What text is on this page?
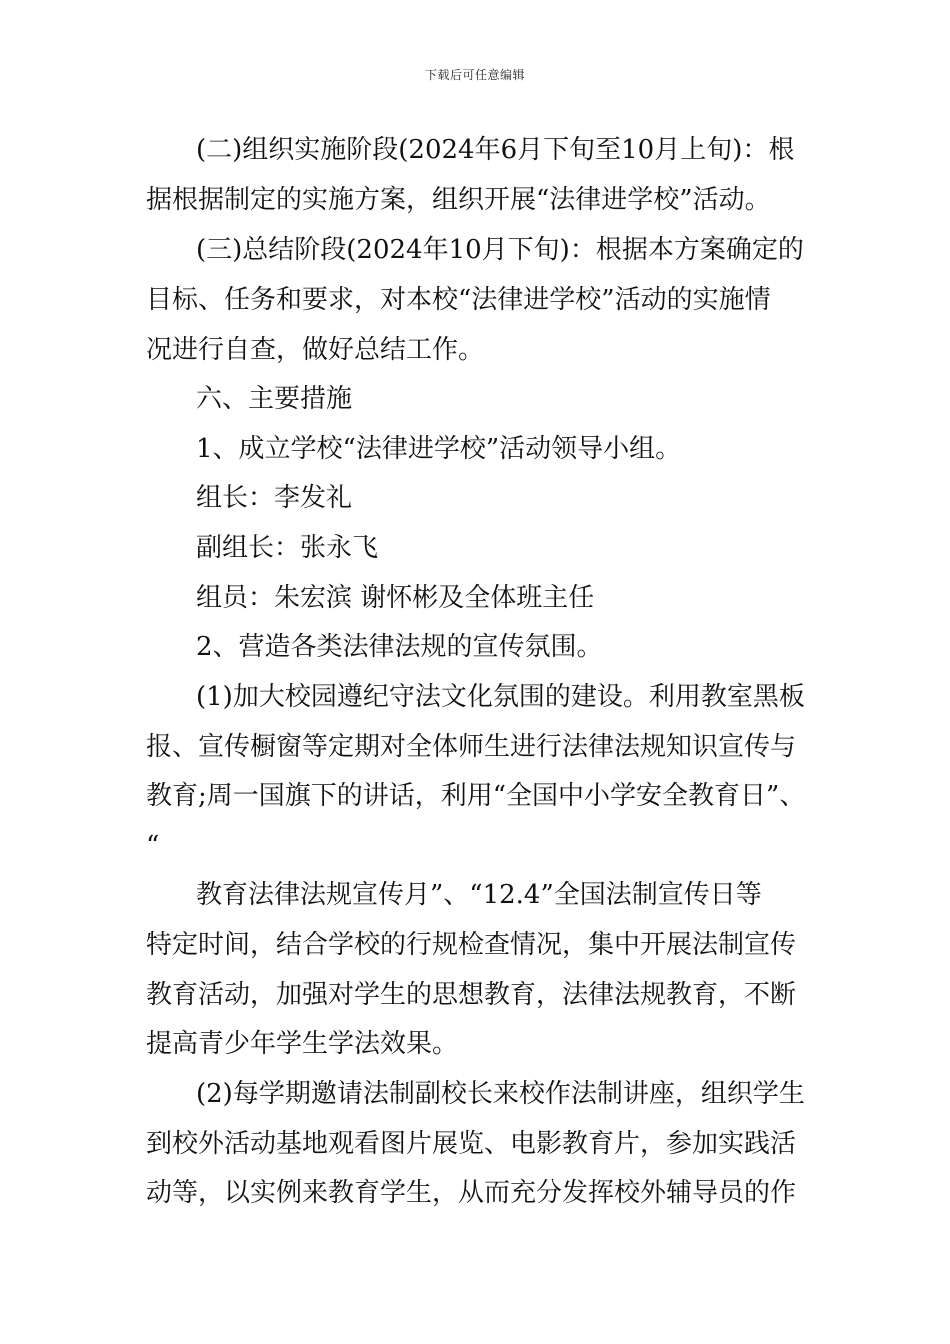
下载后可任意编辑
(二)组织实施阶段(2024年6月下旬至10月上旬)：根
据根据制定的实施方案，组织开展“法律进学校”活动。
(三)总结阶段(2024年10月下旬)：根据本方案确定的
目标、任务和要求，对本校“法律进学校”活动的实施情
况进行自查，做好总结工作。
六、主要措施
1、成立学校“法律进学校”活动领导小组。
组长：李发礼
副组长：张永飞
组员：朱宏滨 谢怀彬及全体班主任
2、营造各类法律法规的宣传氛围。
(1)加大校园遵纪守法文化氛围的建设。利用教室黑板
报、宣传橱窗等定期对全体师生进行法律法规知识宣传与
教育;周一国旗下的讲话，利用“全国中小学安全教育日”、
“
教育法律法规宣传月”、“12.4”全国法制宣传日等
特定时间，结合学校的行规检查情况，集中开展法制宣传
教育活动，加强对学生的思想教育，法律法规教育，不断
提高青少年学生学法效果。
(2)每学期邀请法制副校长来校作法制讲座，组织学生
到校外活动基地观看图片展览、电影教育片，参加实践活
动等，以实例来教育学生，从而充分发挥校外辅导员的作
